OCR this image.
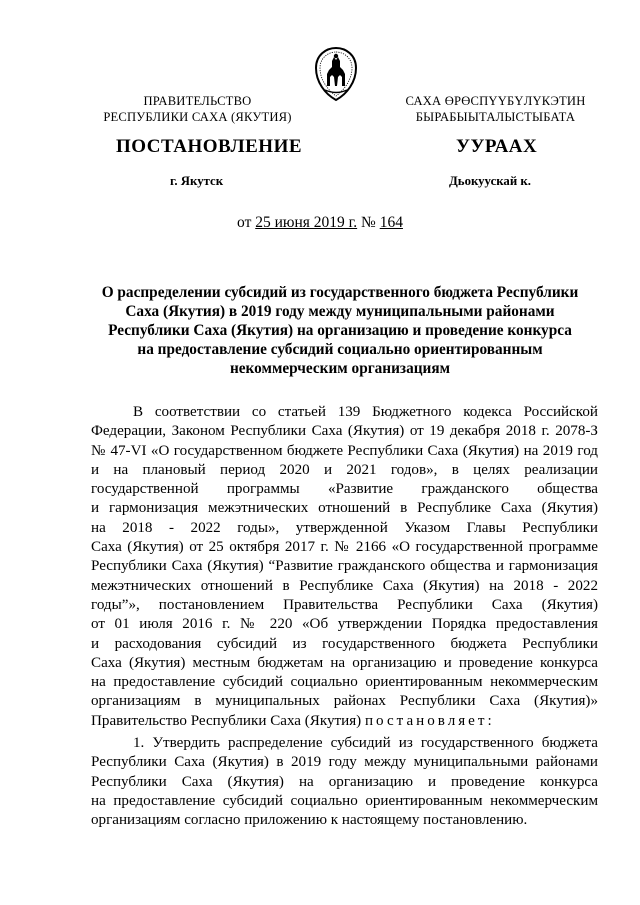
ПРАВИТЕЛЬСТВО
РЕСПУБЛИКИ САХА (ЯКУТИЯ)
САХА ӨРӨСПҮҮБҮЛҮКЭТИН
БЫРАБЫЫТАЛЫСТЫБАТА
ПОСТАНОВЛЕНИЕ	УУРААХ
г. Якутск	Дьокуускай к.
от 25 июня 2019 г. № 164
О распределении субсидий из государственного бюджета Республики
Саха (Якутия) в 2019 году между муниципальными районами
Республики Саха (Якутия) на организацию и проведение конкурса
на предоставление субсидий социально ориентированным
некоммерческим организациям
В соответствии со статьей 139 Бюджетного кодекса Российской
Федерации, Законом Республики Саха (Якутия) от 19 декабря 2018 г. 2078-З
№ 47-VI «О государственном бюджете Республики Саха (Якутия) на 2019 год
и на плановый период 2020 и 2021 годов», в целях реализации
государственной программы «Развитие гражданского общества
и гармонизация межэтнических отношений в Республике Саха (Якутия)
на 2018 - 2022 годы», утвержденной Указом Главы Республики
Саха (Якутия) от 25 октября 2017 г. № 2166 «О государственной программе
Республики Саха (Якутия) “Развитие гражданского общества и гармонизация
межэтнических отношений в Республике Саха (Якутия) на 2018 - 2022
годы”», постановлением Правительства Республики Саха (Якутия)
от 01 июля 2016 г. № 220 «Об утверждении Порядка предоставления
и расходования субсидий из государственного бюджета Республики
Саха (Якутия) местным бюджетам на организацию и проведение конкурса
на предоставление субсидий социально ориентированным некоммерческим
организациям в муниципальных районах Республики Саха (Якутия)»
Правительство Республики Саха (Якутия) постановляет:
1. Утвердить распределение субсидий из государственного бюджета
Республики Саха (Якутия) в 2019 году между муниципальными районами
Республики Саха (Якутия) на организацию и проведение конкурса
на предоставление субсидий социально ориентированным некоммерческим
организациям согласно приложению к настоящему постановлению.
